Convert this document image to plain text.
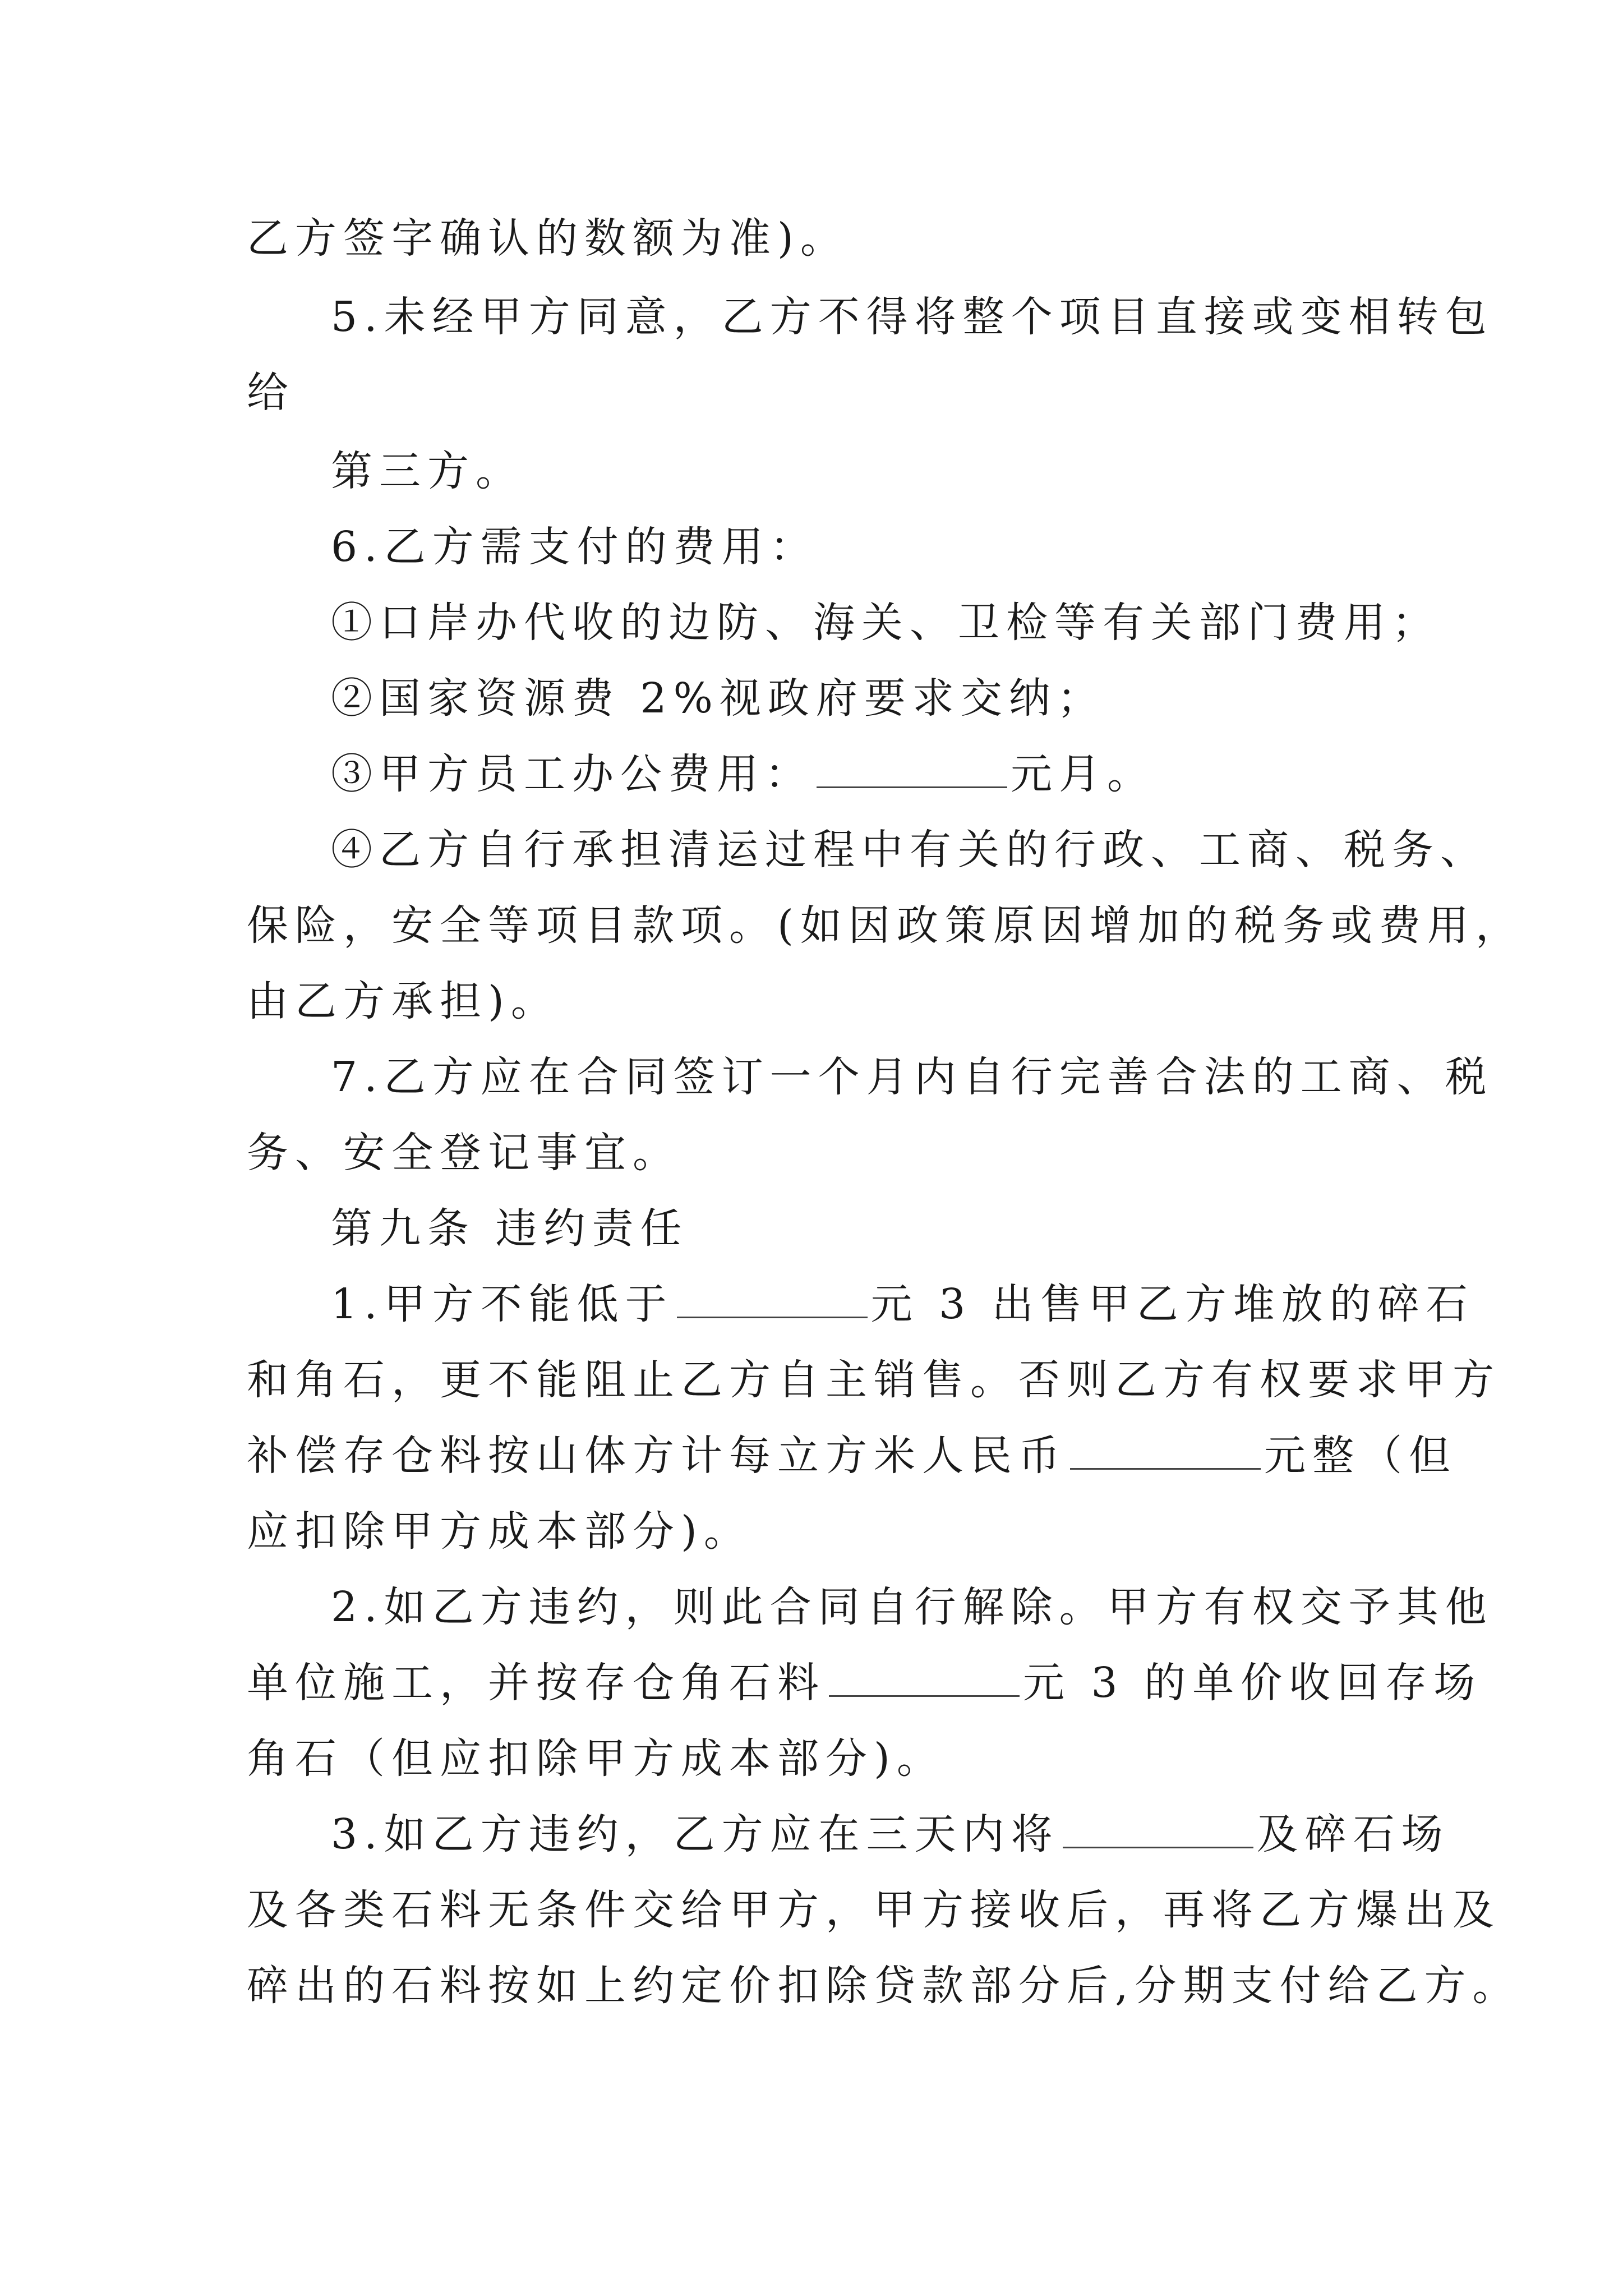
乙方签字确认的数额为准)。
5.未经甲方同意，乙方不得将整个项目直接或变相转包
给
第三方。
6.乙方需支付的费用：
①口岸办代收的边防、海关、卫检等有关部门费用；
②国家资源费 2%视政府要求交纳；
③甲方员工办公费用：	元月。
④乙方自行承担清运过程中有关的行政、工商、税务、
保险，安全等项目款项。(如因政策原因增加的税务或费用，
由乙方承担)。
7.乙方应在合同签订一个月内自行完善合法的工商、税
务、安全登记事宜。
第九条 违约责任
1.甲方不能低于	元 3 出售甲乙方堆放的碎石
和角石，更不能阻止乙方自主销售。否则乙方有权要求甲方
补偿存仓料按山体方计每立方米人民币	元整（但
应扣除甲方成本部分)。
2.如乙方违约，则此合同自行解除。甲方有权交予其他
单位施工，并按存仓角石料	元 3 的单价收回存场
角石（但应扣除甲方成本部分)。
3.如乙方违约，乙方应在三天内将	及碎石场
及各类石料无条件交给甲方，甲方接收后，再将乙方爆出及
碎出的石料按如上约定价扣除贷款部分后,分期支付给乙方。
